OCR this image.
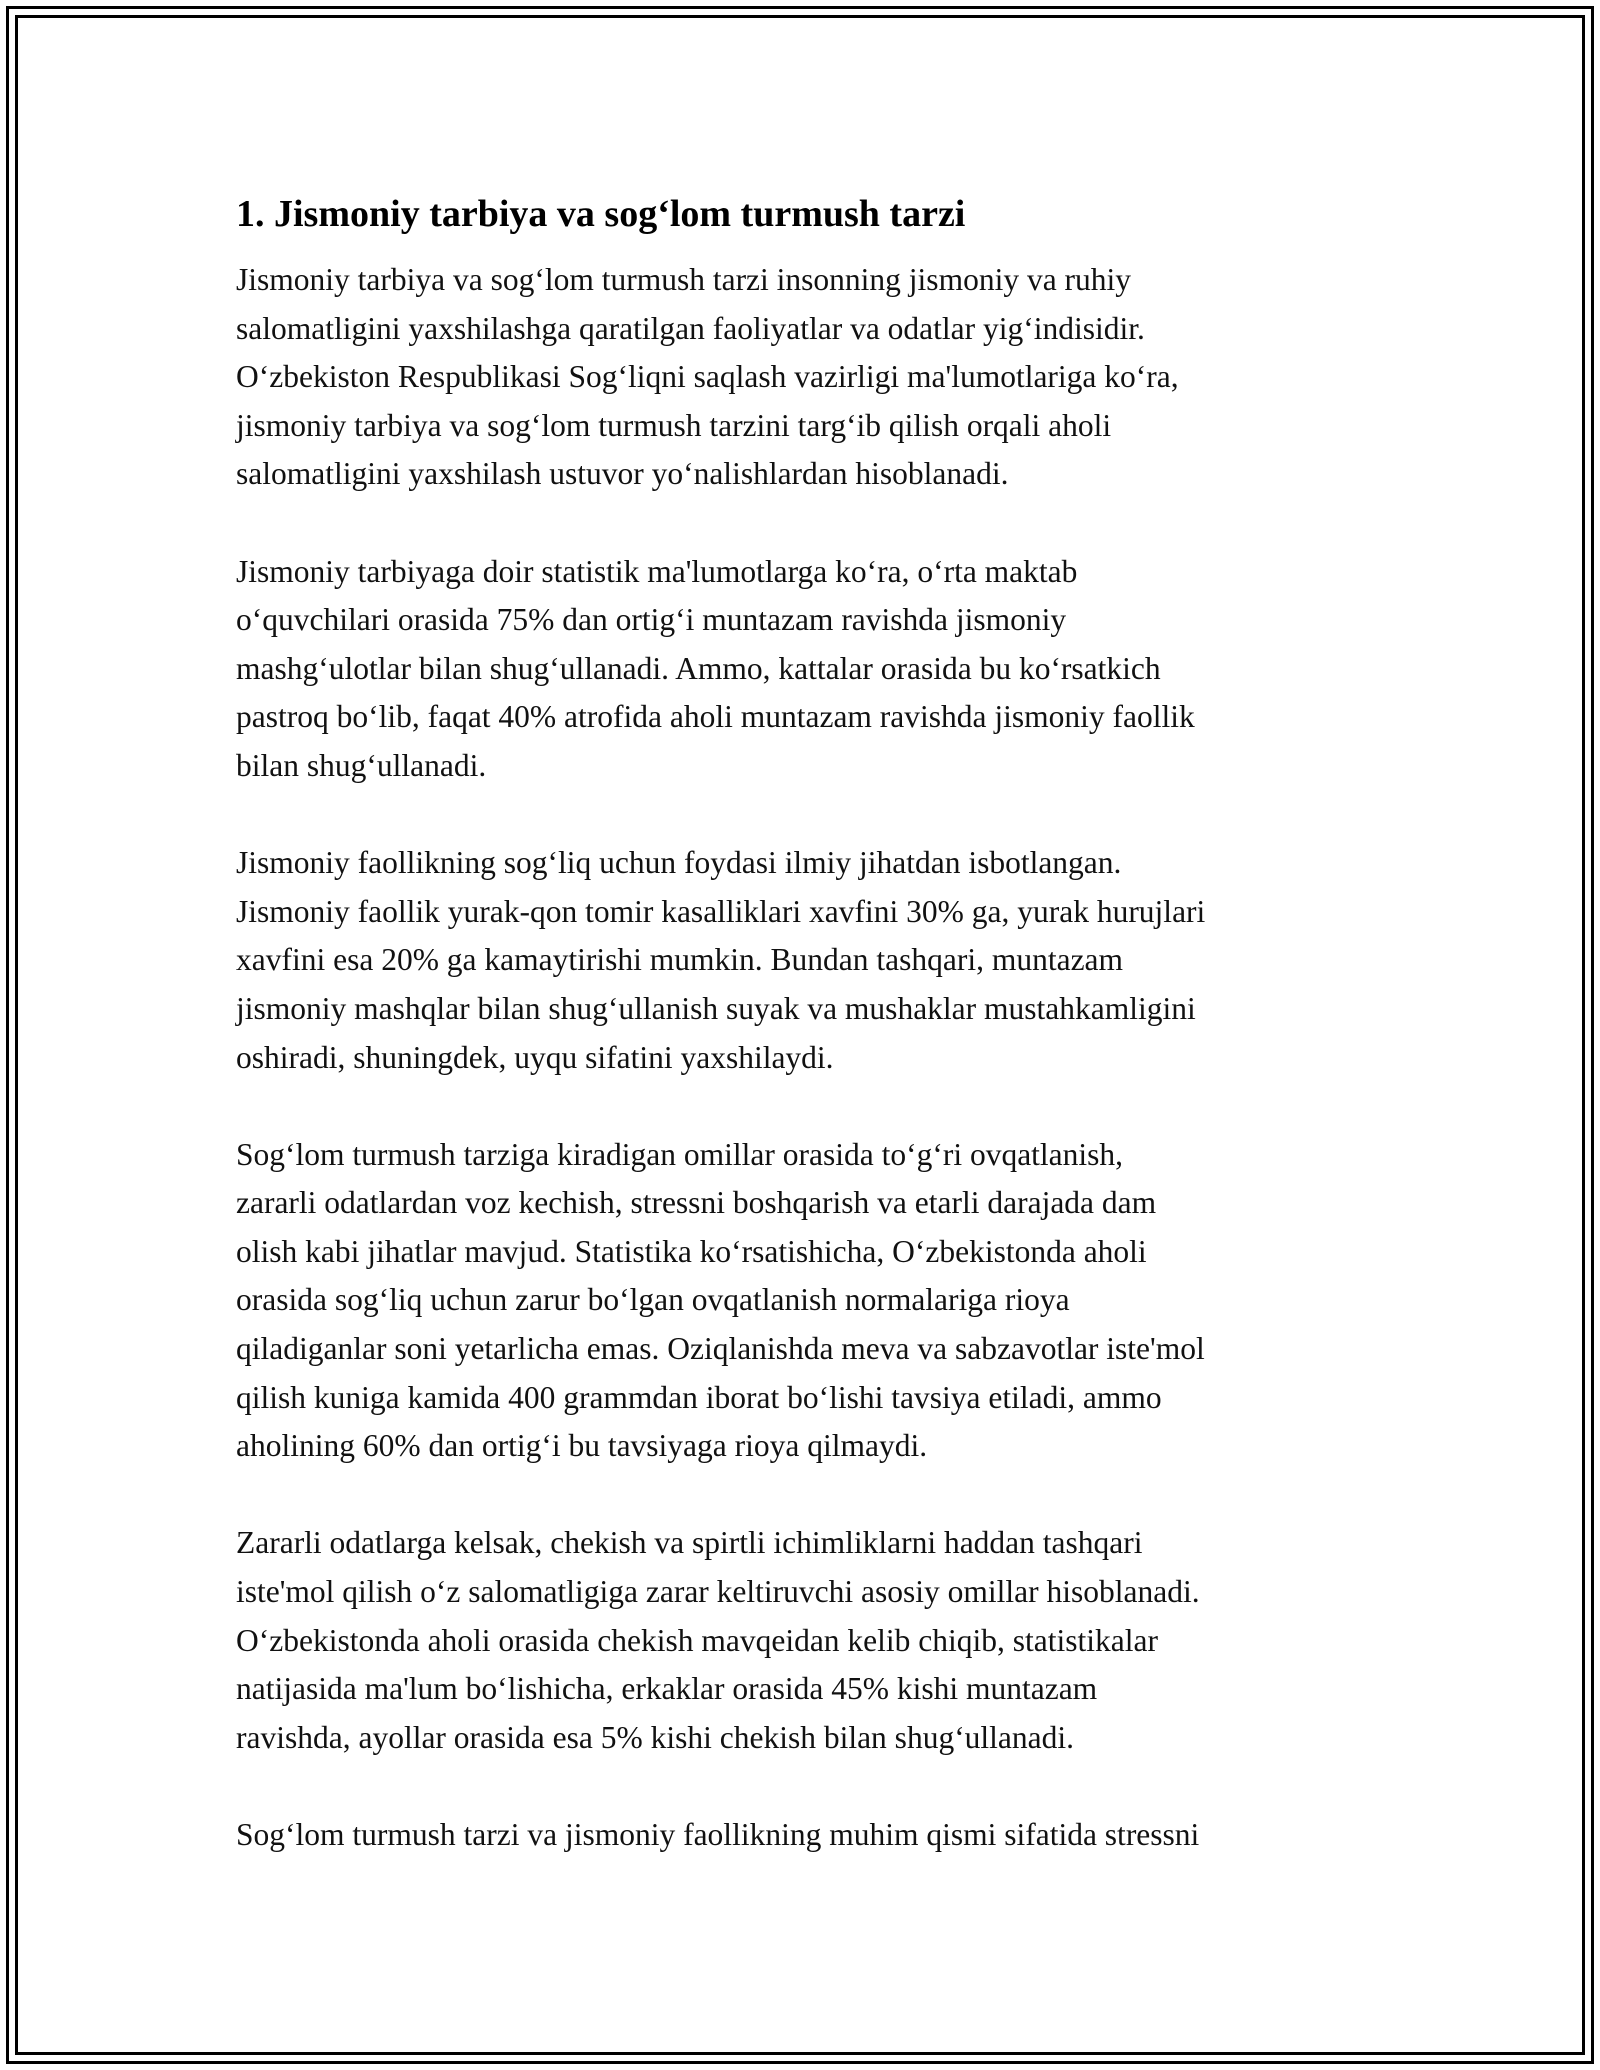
1. Jismoniy tarbiya va sog‘lom turmush tarzi

Jismoniy tarbiya va sog‘lom turmush tarzi insonning jismoniy va ruhiy
salomatligini yaxshilashga qaratilgan faoliyatlar va odatlar yig‘indisidir.
O‘zbekiston Respublikasi Sog‘liqni saqlash vazirligi ma'lumotlariga ko‘ra,
jismoniy tarbiya va sog‘lom turmush tarzini targ‘ib qilish orqali aholi
salomatligini yaxshilash ustuvor yo‘nalishlardan hisoblanadi.

Jismoniy tarbiyaga doir statistik ma'lumotlarga ko‘ra, o‘rta maktab
o‘quvchilari orasida 75% dan ortig‘i muntazam ravishda jismoniy
mashg‘ulotlar bilan shug‘ullanadi. Ammo, kattalar orasida bu ko‘rsatkich
pastroq bo‘lib, faqat 40% atrofida aholi muntazam ravishda jismoniy faollik
bilan shug‘ullanadi.

Jismoniy faollikning sog‘liq uchun foydasi ilmiy jihatdan isbotlangan.
Jismoniy faollik yurak-qon tomir kasalliklari xavfini 30% ga, yurak hurujlari
xavfini esa 20% ga kamaytirishi mumkin. Bundan tashqari, muntazam
jismoniy mashqlar bilan shug‘ullanish suyak va mushaklar mustahkamligini
oshiradi, shuningdek, uyqu sifatini yaxshilaydi.

Sog‘lom turmush tarziga kiradigan omillar orasida to‘g‘ri ovqatlanish,
zararli odatlardan voz kechish, stressni boshqarish va etarli darajada dam
olish kabi jihatlar mavjud. Statistika ko‘rsatishicha, O‘zbekistonda aholi
orasida sog‘liq uchun zarur bo‘lgan ovqatlanish normalariga rioya
qiladiganlar soni yetarlicha emas. Oziqlanishda meva va sabzavotlar iste'mol
qilish kuniga kamida 400 grammdan iborat bo‘lishi tavsiya etiladi, ammo
aholining 60% dan ortig‘i bu tavsiyaga rioya qilmaydi.

Zararli odatlarga kelsak, chekish va spirtli ichimliklarni haddan tashqari
iste'mol qilish o‘z salomatligiga zarar keltiruvchi asosiy omillar hisoblanadi.
O‘zbekistonda aholi orasida chekish mavqeidan kelib chiqib, statistikalar
natijasida ma'lum bo‘lishicha, erkaklar orasida 45% kishi muntazam
ravishda, ayollar orasida esa 5% kishi chekish bilan shug‘ullanadi.

Sog‘lom turmush tarzi va jismoniy faollikning muhim qismi sifatida stressni
